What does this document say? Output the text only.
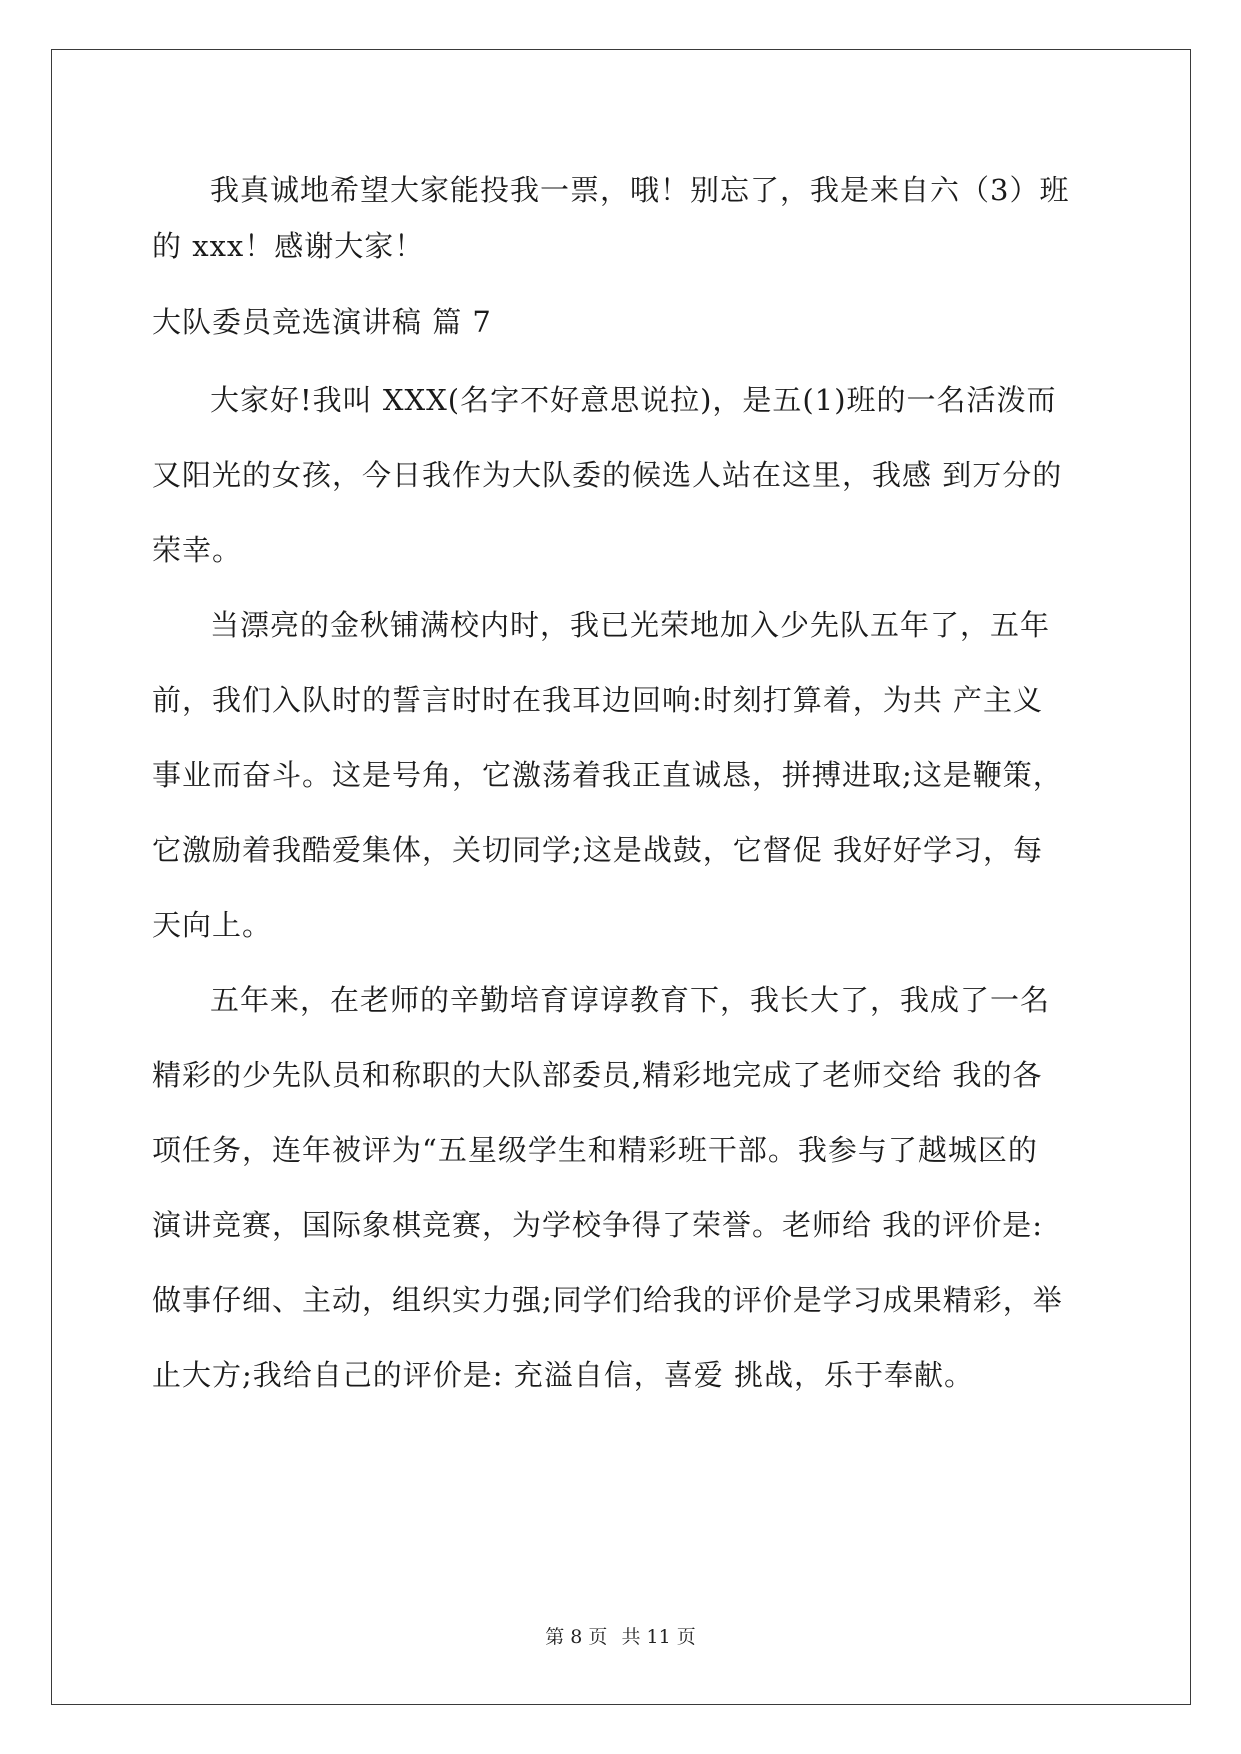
我真诚地希望大家能投我一票，哦！别忘了，我是来自六（3）班
的 xxx！感谢大家！
大队委员竞选演讲稿 篇 7
大家好!我叫 XXX(名字不好意思说拉)，是五(1)班的一名活泼而
又阳光的女孩，今日我作为大队委的候选人站在这里，我感 到万分的
荣幸。
当漂亮的金秋铺满校内时，我已光荣地加入少先队五年了，五年
前，我们入队时的誓言时时在我耳边回响:时刻打算着，为共 产主义
事业而奋斗。这是号角，它激荡着我正直诚恳，拼搏进取;这是鞭策，
它激励着我酷爱集体，关切同学;这是战鼓，它督促 我好好学习，每
天向上。
五年来，在老师的辛勤培育谆谆教育下，我长大了，我成了一名
精彩的少先队员和称职的大队部委员,精彩地完成了老师交给 我的各
项任务，连年被评为“五星级学生和精彩班干部。我参与了越城区的
演讲竞赛，国际象棋竞赛，为学校争得了荣誉。老师给 我的评价是:
做事仔细、主动，组织实力强;同学们给我的评价是学习成果精彩，举
止大方;我给自己的评价是: 充溢自信，喜爱 挑战，乐于奉献。
第 8 页 共 11 页
